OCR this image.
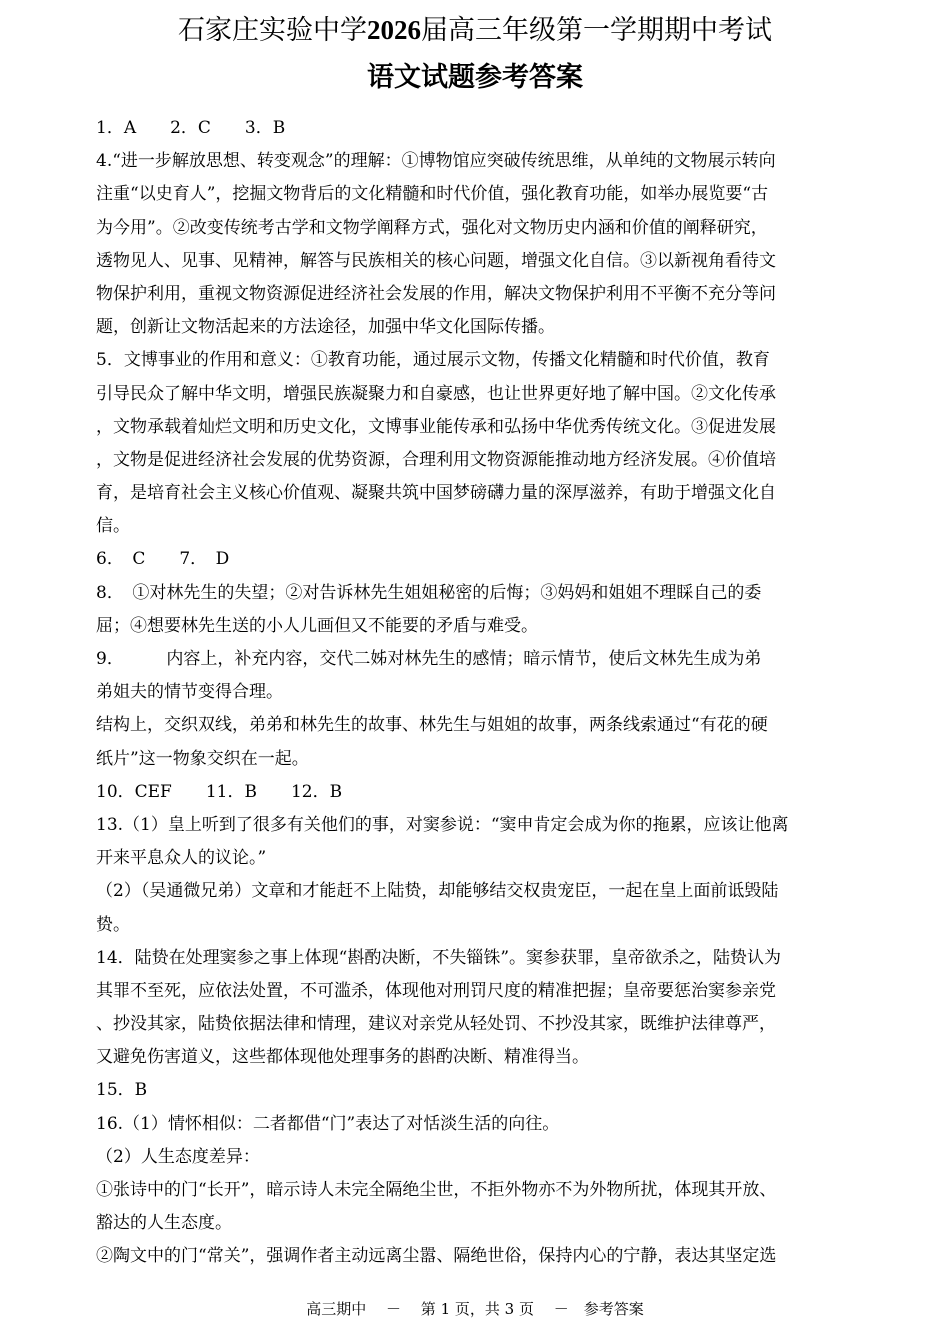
石家庄实验中学2026届高三年级第一学期期中考试
语文试题参考答案
1．A　　2．C　　3．B
4.“进一步解放思想、转变观念”的理解：①博物馆应突破传统思维，从单纯的文物展示转向
注重“以史育人”，挖掘文物背后的文化精髓和时代价值，强化教育功能，如举办展览要“古
为今用”。②改变传统考古学和文物学阐释方式，强化对文物历史内涵和价值的阐释研究，
透物见人、见事、见精神，解答与民族相关的核心问题，增强文化自信。③以新视角看待文
物保护利用，重视文物资源促进经济社会发展的作用，解决文物保护利用不平衡不充分等问
题，创新让文物活起来的方法途径，加强中华文化国际传播。
5．文博事业的作用和意义：①教育功能，通过展示文物，传播文化精髓和时代价值，教育
引导民众了解中华文明，增强民族凝聚力和自豪感，也让世界更好地了解中国。②文化传承
，文物承载着灿烂文明和历史文化，文博事业能传承和弘扬中华优秀传统文化。③促进发展
，文物是促进经济社会发展的优势资源，合理利用文物资源能推动地方经济发展。④价值培
育，是培育社会主义核心价值观、凝聚共筑中国梦磅礴力量的深厚滋养，有助于增强文化自
信。
6．　C　　7．　D
8．　①对林先生的失望；②对告诉林先生姐姐秘密的后悔；③妈妈和姐姐不理睬自己的委
屈；④想要林先生送的小人儿画但又不能要的矛盾与难受。
9．　　　内容上，补充内容，交代二姊对林先生的感情；暗示情节，使后文林先生成为弟
弟姐夫的情节变得合理。
结构上，交织双线，弟弟和林先生的故事、林先生与姐姐的故事，两条线索通过“有花的硬
纸片”这一物象交织在一起。
10．CEF　　11．B　　12．B
13.（1）皇上听到了很多有关他们的事，对窦参说：“窦申肯定会成为你的拖累，应该让他离
开来平息众人的议论。”
（2）（吴通微兄弟）文章和才能赶不上陆贽，却能够结交权贵宠臣，一起在皇上面前诋毁陆
贽。
14．陆贽在处理窦参之事上体现“斟酌决断，不失锱铢”。窦参获罪，皇帝欲杀之，陆贽认为
其罪不至死，应依法处置，不可滥杀，体现他对刑罚尺度的精准把握；皇帝要惩治窦参亲党
、抄没其家，陆贽依据法律和情理，建议对亲党从轻处罚、不抄没其家，既维护法律尊严，
又避免伤害道义，这些都体现他处理事务的斟酌决断、精准得当。
15．B
16.（1）情怀相似：二者都借“门”表达了对恬淡生活的向往。
（2）人生态度差异：
①张诗中的门“长开”，暗示诗人未完全隔绝尘世，不拒外物亦不为外物所扰，体现其开放、
豁达的人生态度。
②陶文中的门“常关”，强调作者主动远离尘嚣、隔绝世俗，保持内心的宁静，表达其坚定选
高三期中　 －　 第 1 页，共 3 页　 －　参考答案
